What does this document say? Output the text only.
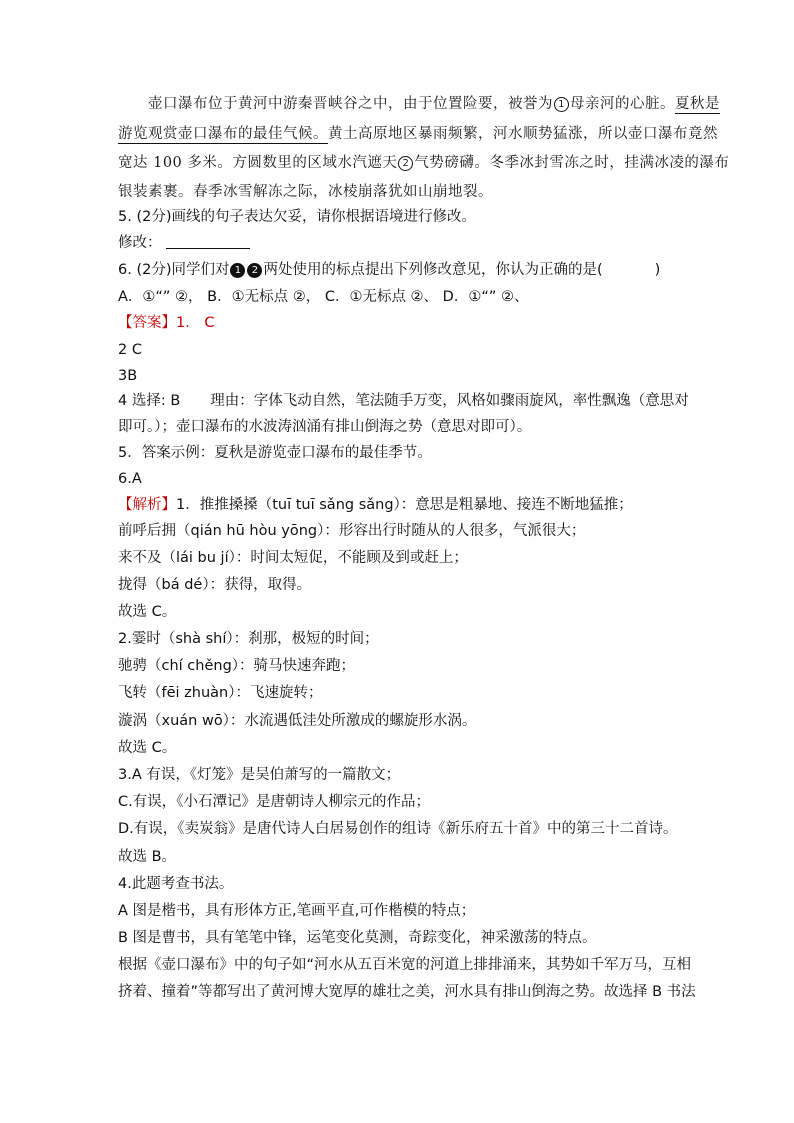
壶口瀑布位于黄河中游秦晋峡谷之中，由于位置险要，被誉为 1 母亲河的心脏。夏秋是
游览观赏壶口瀑布的最佳气候。黄土高原地区暴雨频繁，河水顺势猛涨，所以壶口瀑布竟然
宽达 100 多米。方圆数里的区域水汽遮天 2 气势磅礴。冬季冰封雪冻之时，挂满冰凌的瀑布
银装素裹。春季冰雪解冻之际，冰棱崩落犹如山崩地裂。
5. (2分)画线的句子表达欠妥，请你根据语境进行修改。
修改：
6. (2分)同学们对 1 2 两处使用的标点提出下列修改意见，你认为正确的是(	)
A．①“” ②， B．①无标点 ②， C．①无标点 ②、 D．①“” ②、
【答案】1． C
2 C
3B
4 选择: B 理由：字体飞动自然，笔法随手万变，风格如骤雨旋风，率性飘逸（意思对
即可。）；壶口瀑布的水波涛汹涌有排山倒海之势（意思对即可）。
5．答案示例：夏秋是游览壶口瀑布的最佳季节。
6.A
【解析】1．推推搡搡（tuī tuī sǎng sǎng）：意思是粗暴地、接连不断地猛推；
前呼后拥（qián hū hòu yōng）：形容出行时随从的人很多，气派很大；
来不及（lái bu jí）：时间太短促，不能顾及到或赶上；
拢得（bá dé）：获得，取得。
故选 C。
2.霎时（shà shí）：刹那，极短的时间；
驰骋（chí chěng）：骑马快速奔跑；
飞转（fēi zhuàn）：飞速旋转；
漩涡（xuán wō）：水流遇低洼处所激成的螺旋形水涡。
故选 C。
3.A 有误，《灯笼》是吴伯萧写的一篇散文；
C.有误，《小石潭记》是唐朝诗人柳宗元的作品；
D.有误，《卖炭翁》是唐代诗人白居易创作的组诗《新乐府五十首》中的第三十二首诗。
故选 B。
4.此题考查书法。
A 图是楷书，具有形体方正,笔画平直,可作楷模的特点；
B 图是曹书，具有笔笔中锋，运笔变化莫测，奇踪变化，神采激荡的特点。
根据《壶口瀑布》中的句子如“河水从五百米宽的河道上排排涌来，其势如千军万马，互相
挤着、撞着”等都写出了黄河博大宽厚的雄壮之美，河水具有排山倒海之势。故选择 B 书法
